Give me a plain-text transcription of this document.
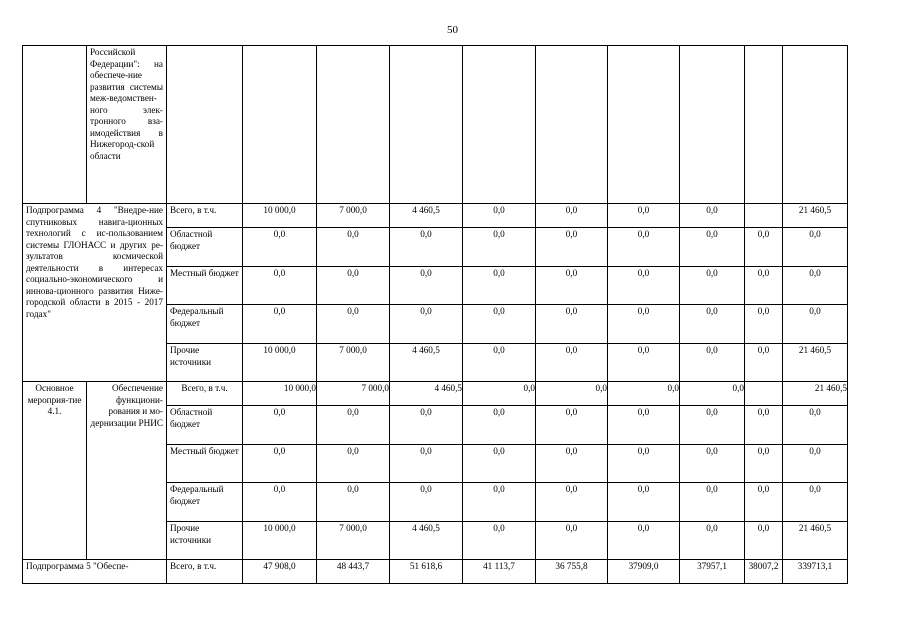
50
	Российской Федерации": на обеспече-ние развития системы меж-ведомствен-ного элек-тронного вза-имодействия в Нижегород-ской области										
Подпрограмма 4 "Внедре-ние спутниковых навига-ционных технологий с ис-пользованием системы ГЛОНАСС и других ре-зультатов космической деятельности в интересах социально-экономического и иннова-ционного развития Ниже-городской области в 2015 - 2017 годах"		Всего, в т.ч.	10 000,0	7 000,0	4 460,5	0,0	0,0	0,0	0,0		21 460,5
		Областной бюджет	0,0	0,0	0,0	0,0	0,0	0,0	0,0	0,0	0,0
		Местный бюджет	0,0	0,0	0,0	0,0	0,0	0,0	0,0	0,0	0,0
		Федеральный бюджет	0,0	0,0	0,0	0,0	0,0	0,0	0,0	0,0	0,0
		Прочие источники	10 000,0	7 000,0	4 460,5	0,0	0,0	0,0	0,0	0,0	21 460,5
Основное мероприя-тие 4.1.	Обеспечение функциони-рования и мо-дернизации РНИС	Всего, в т.ч.	10 000,0	7 000,0	4 460,5	0,0	0,0	0,0	0,0		21 460,5
		Областной бюджет	0,0	0,0	0,0	0,0	0,0	0,0	0,0	0,0	0,0
		Местный бюджет	0,0	0,0	0,0	0,0	0,0	0,0	0,0	0,0	0,0
		Федеральный бюджет	0,0	0,0	0,0	0,0	0,0	0,0	0,0	0,0	0,0
		Прочие источники	10 000,0	7 000,0	4 460,5	0,0	0,0	0,0	0,0	0,0	21 460,5
Подпрограмма 5 "Обеспе-		Всего, в т.ч.	47 908,0	48 443,7	51 618,6	41 113,7	36 755,8	37909,0	37957,1	38007,2	339713,1
